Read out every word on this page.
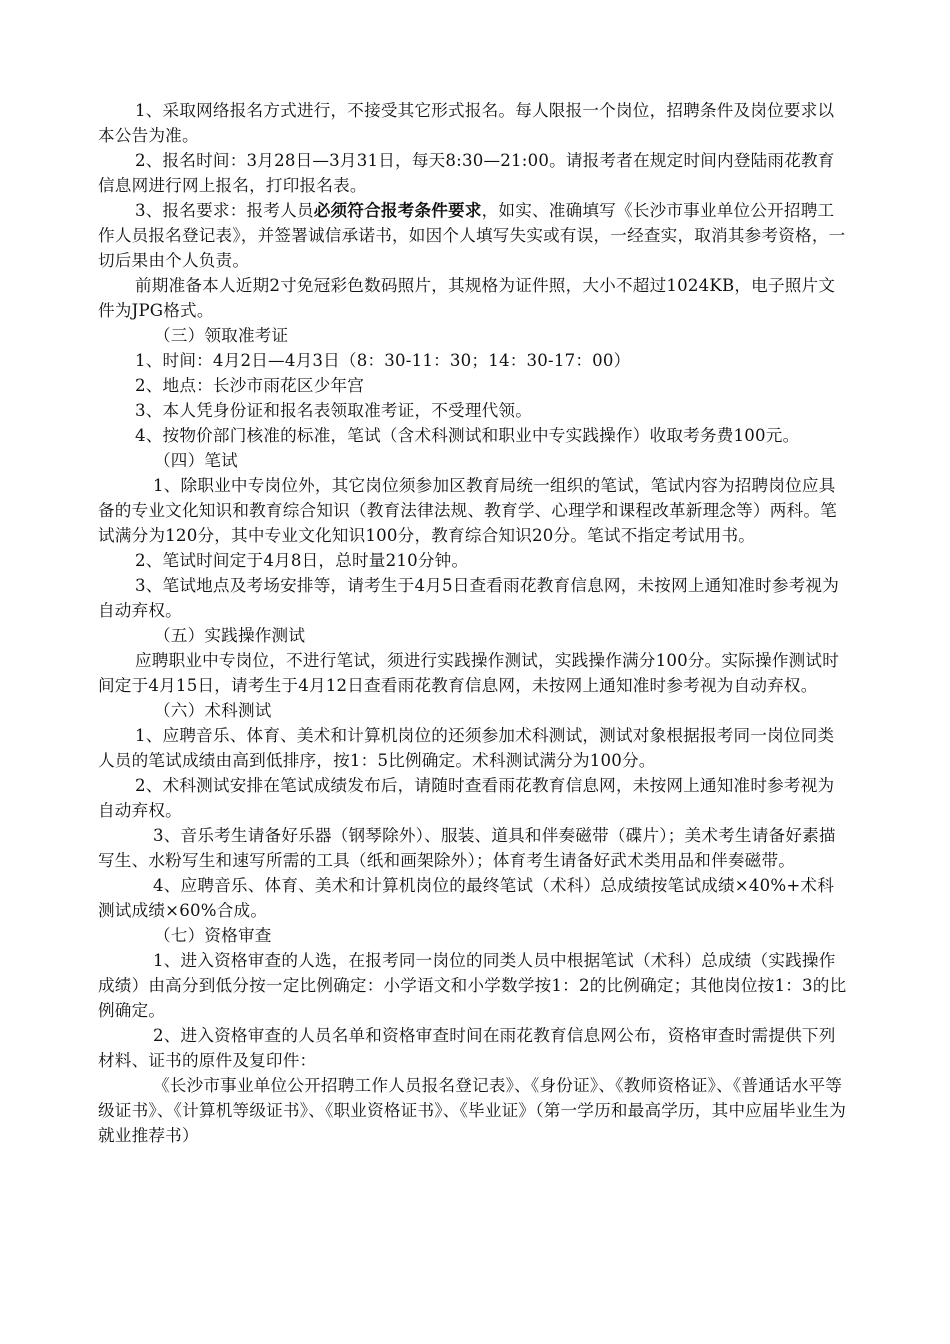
1、采取网络报名方式进行，不接受其它形式报名。每人限报一个岗位，招聘条件及岗位要求以本公告为准。

2、报名时间：3月28日—3月31日，每天8:30—21:00。请报考者在规定时间内登陆雨花教育信息网进行网上报名，打印报名表。

3、报名要求：报考人员必须符合报考条件要求，如实、准确填写《长沙市事业单位公开招聘工作人员报名登记表》，并签署诚信承诺书，如因个人填写失实或有误，一经查实，取消其参考资格，一切后果由个人负责。

前期准备本人近期2寸免冠彩色数码照片，其规格为证件照，大小不超过1024KB，电子照片文件为JPG格式。

（三）领取准考证

1、时间：4月2日—4月3日（8：30-11：30；14：30-17：00）

2、地点：长沙市雨花区少年宫

3、本人凭身份证和报名表领取准考证，不受理代领。

4、按物价部门核准的标准，笔试（含术科测试和职业中专实践操作）收取考务费100元。

（四）笔试

1、除职业中专岗位外，其它岗位须参加区教育局统一组织的笔试，笔试内容为招聘岗位应具备的专业文化知识和教育综合知识（教育法律法规、教育学、心理学和课程改革新理念等）两科。笔试满分为120分，其中专业文化知识100分，教育综合知识20分。笔试不指定考试用书。

2、笔试时间定于4月8日，总时量210分钟。

3、笔试地点及考场安排等，请考生于4月5日查看雨花教育信息网，未按网上通知准时参考视为自动弃权。

（五）实践操作测试

应聘职业中专岗位，不进行笔试，须进行实践操作测试，实践操作满分100分。实际操作测试时间定于4月15日，请考生于4月12日查看雨花教育信息网，未按网上通知准时参考视为自动弃权。

（六）术科测试

1、应聘音乐、体育、美术和计算机岗位的还须参加术科测试，测试对象根据报考同一岗位同类人员的笔试成绩由高到低排序，按1：5比例确定。术科测试满分为100分。

2、术科测试安排在笔试成绩发布后，请随时查看雨花教育信息网，未按网上通知准时参考视为自动弃权。

3、音乐考生请备好乐器（钢琴除外）、服装、道具和伴奏磁带（碟片）；美术考生请备好素描写生、水粉写生和速写所需的工具（纸和画架除外）；体育考生请备好武术类用品和伴奏磁带。

4、应聘音乐、体育、美术和计算机岗位的最终笔试（术科）总成绩按笔试成绩×40%+术科测试成绩×60%合成。

（七）资格审查

1、进入资格审查的人选，在报考同一岗位的同类人员中根据笔试（术科）总成绩（实践操作成绩）由高分到低分按一定比例确定：小学语文和小学数学按1：2的比例确定；其他岗位按1：3的比例确定。

2、进入资格审查的人员名单和资格审查时间在雨花教育信息网公布，资格审查时需提供下列材料、证书的原件及复印件：

《长沙市事业单位公开招聘工作人员报名登记表》、《身份证》、《教师资格证》、《普通话水平等级证书》、《计算机等级证书》、《职业资格证书》、《毕业证》（第一学历和最高学历，其中应届毕业生为就业推荐书）
